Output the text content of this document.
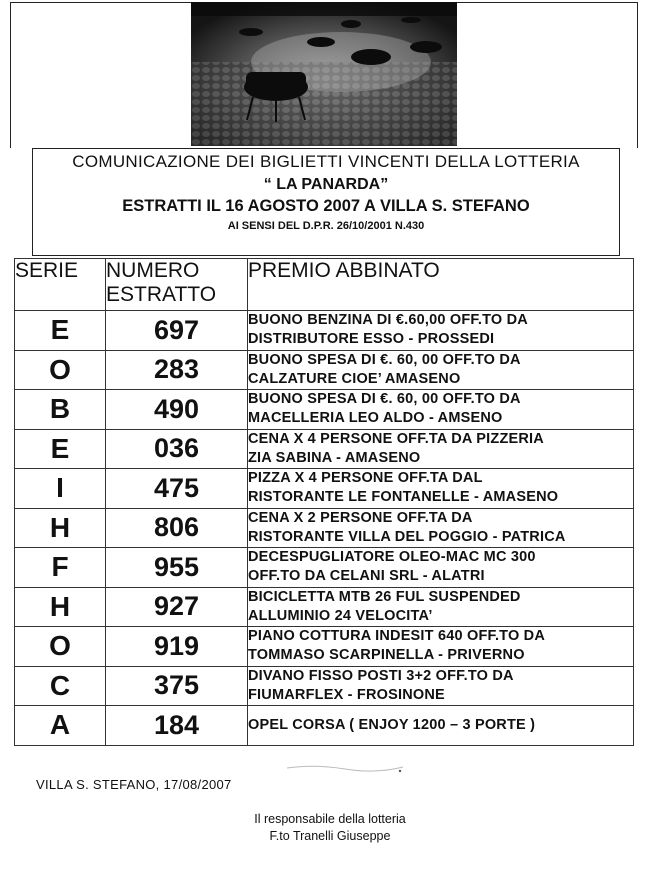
COMUNICAZIONE DEI BIGLIETTI VINCENTI DELLA LOTTERIA
“ LA PANARDA”
ESTRATTI IL 16 AGOSTO 2007 A VILLA S. STEFANO
AI SENSI DEL D.P.R. 26/10/2001 N.430
SERIE	NUMERO ESTRATTO	PREMIO ABBINATO
E	697	BUONO BENZINA DI €.60,00 OFF.TO DA
DISTRIBUTORE ESSO - PROSSEDI

O	283	BUONO SPESA DI €. 60, 00 OFF.TO DA
CALZATURE CIOE’ AMASENO

B	490	BUONO SPESA DI €. 60, 00 OFF.TO DA
MACELLERIA LEO ALDO - AMSENO

E	036	CENA X 4 PERSONE OFF.TA DA PIZZERIA
ZIA SABINA - AMASENO

I	475	PIZZA X 4 PERSONE OFF.TA DAL
RISTORANTE LE FONTANELLE - AMASENO

H	806	CENA X 2 PERSONE OFF.TA DA
RISTORANTE VILLA DEL POGGIO - PATRICA

F	955	DECESPUGLIATORE OLEO-MAC MC 300
OFF.TO DA CELANI SRL - ALATRI

H	927	BICICLETTA MTB 26 FUL SUSPENDED
ALLUMINIO 24 VELOCITA’

O	919	PIANO COTTURA INDESIT 640 OFF.TO DA
TOMMASO SCARPINELLA - PRIVERNO

C	375	DIVANO FISSO POSTI 3+2 OFF.TO DA
FIUMARFLEX - FROSINONE

A	184	OPEL CORSA ( ENJOY 1200 – 3 PORTE )
VILLA S. STEFANO, 17/08/2007
Il responsabile della lotteria
F.to Tranelli Giuseppe
